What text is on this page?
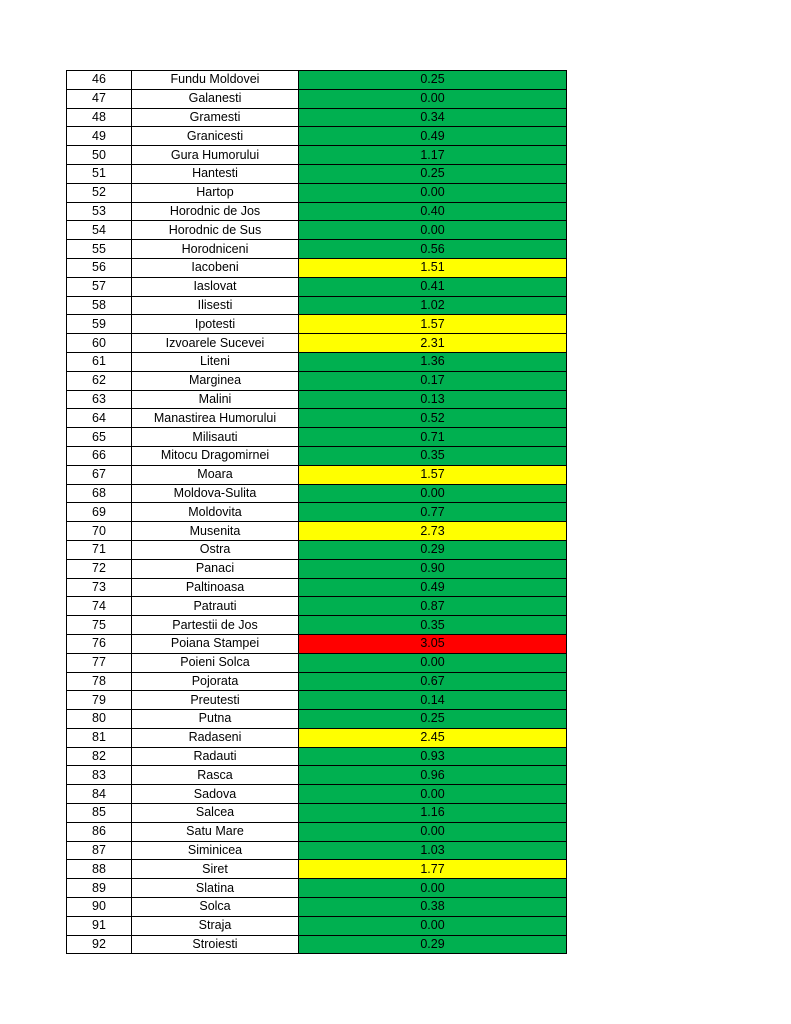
46	Fundu Moldovei	0.25
47	Galanesti	0.00
48	Gramesti	0.34
49	Granicesti	0.49
50	Gura Humorului	1.17
51	Hantesti	0.25
52	Hartop	0.00
53	Horodnic de Jos	0.40
54	Horodnic de Sus	0.00
55	Horodniceni	0.56
56	Iacobeni	1.51
57	Iaslovat	0.41
58	Ilisesti	1.02
59	Ipotesti	1.57
60	Izvoarele Sucevei	2.31
61	Liteni	1.36
62	Marginea	0.17
63	Malini	0.13
64	Manastirea Humorului	0.52
65	Milisauti	0.71
66	Mitocu Dragomirnei	0.35
67	Moara	1.57
68	Moldova-Sulita	0.00
69	Moldovita	0.77
70	Musenita	2.73
71	Ostra	0.29
72	Panaci	0.90
73	Paltinoasa	0.49
74	Patrauti	0.87
75	Partestii de Jos	0.35
76	Poiana Stampei	3.05
77	Poieni Solca	0.00
78	Pojorata	0.67
79	Preutesti	0.14
80	Putna	0.25
81	Radaseni	2.45
82	Radauti	0.93
83	Rasca	0.96
84	Sadova	0.00
85	Salcea	1.16
86	Satu Mare	0.00
87	Siminicea	1.03
88	Siret	1.77
89	Slatina	0.00
90	Solca	0.38
91	Straja	0.00
92	Stroiesti	0.29
